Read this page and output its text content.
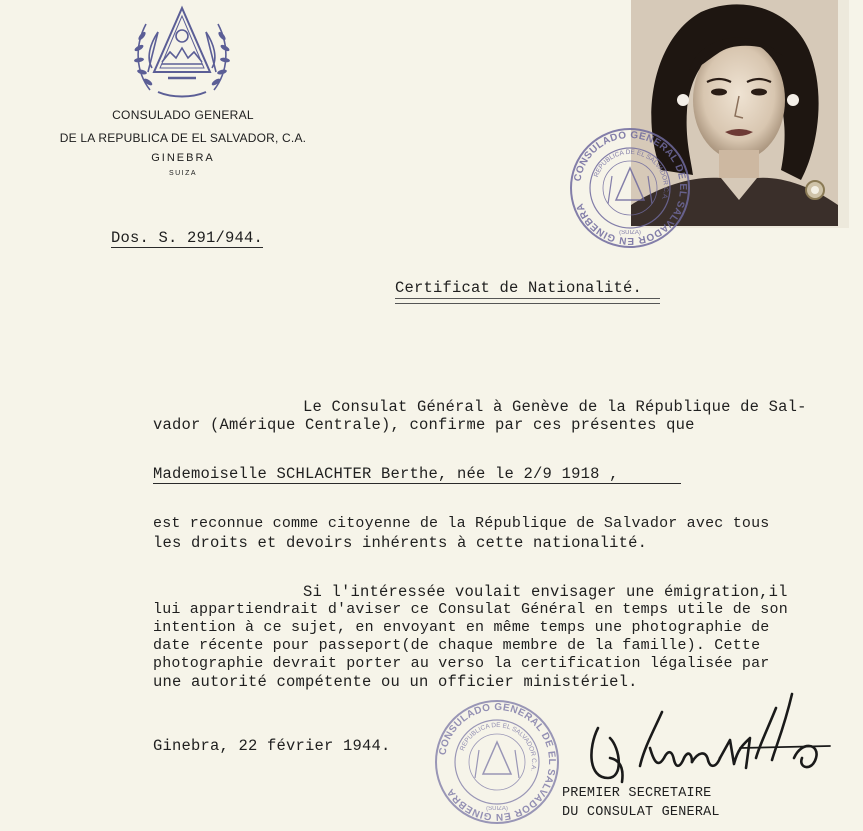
CONSULADO GENERAL
DE LA REPUBLICA DE EL SALVADOR, C.A.
GINEBRA
SUIZA	CONSULADO GENERAL DE EL SALVADOR EN GINEBRA
REPUBLICA DE EL SALVADOR C.A.
(SUIZA)
Dos. S. 291/944.
Certificat de Nationalité.
Le Consulat Général à Genève de la République de Sal-
vador (Amérique Centrale), confirme par ces présentes que
Mademoiselle SCHLACHTER Berthe, née le 2/9 1918 ,
est reconnue comme citoyenne de la République de Salvador avec tous
les droits et devoirs inhérents à cette nationalité.
Si l'intéressée voulait envisager une émigration,il
lui appartiendrait d'aviser ce Consulat Général en temps utile de son
intention à ce sujet, en envoyant en même temps une photographie de
date récente pour passeport(de chaque membre de la famille). Cette
photographie devrait porter au verso la certification légalisée par
une autorité compétente ou un officier ministériel.
Ginebra, 22 février 1944.	CONSULADO GENERAL DE EL SALVADOR EN GINEBRA
REPUBLICA DE EL SALVADOR C.A.
(SUIZA)
PREMIER SECRETAIRE
DU CONSULAT GENERAL
